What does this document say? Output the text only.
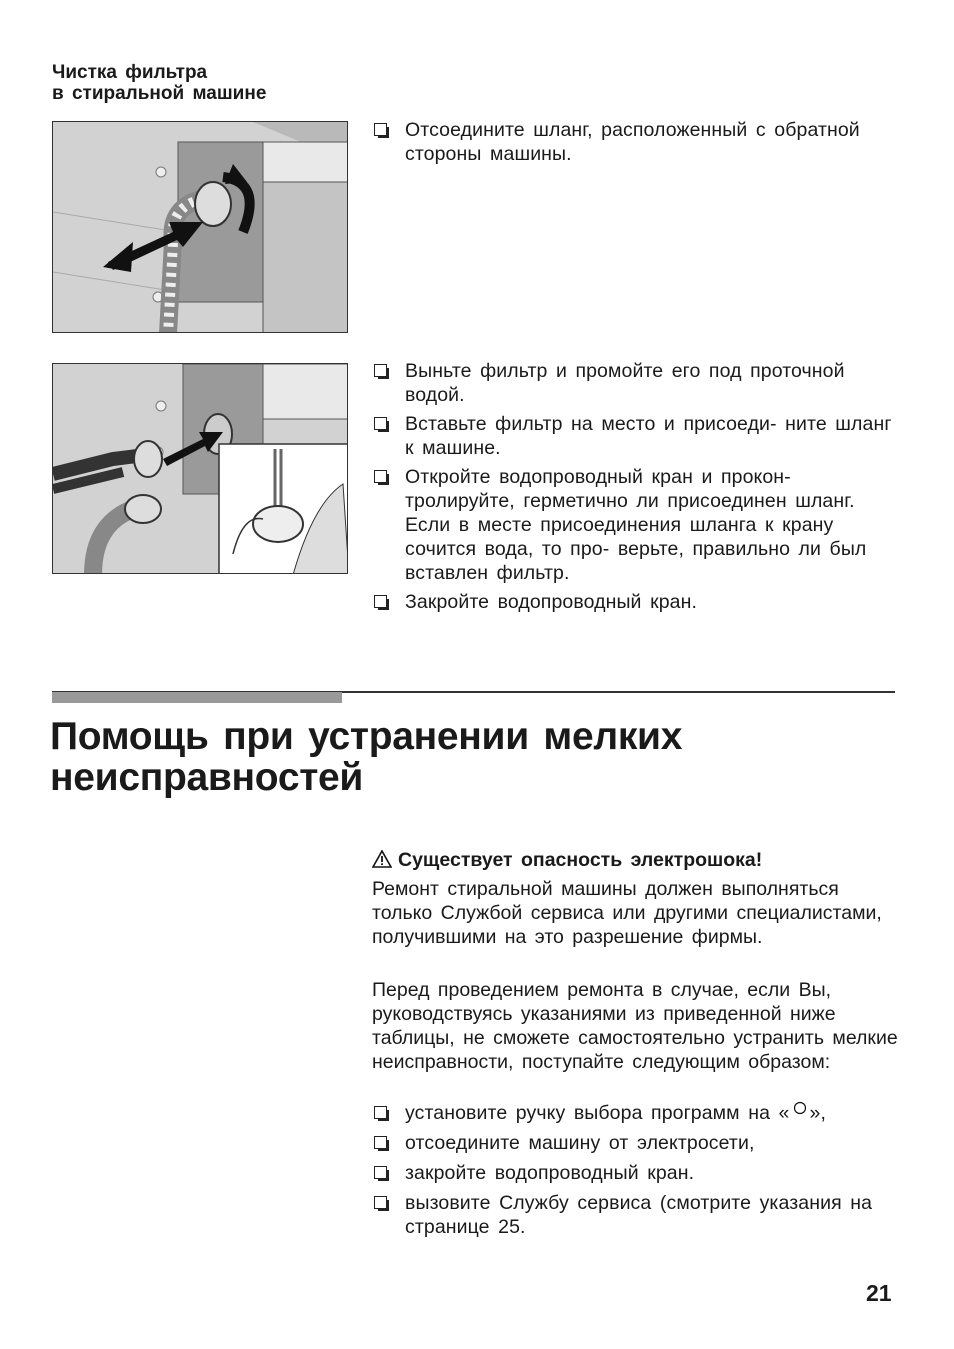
Чистка фильтра
в стиральной машине
Отсоедините шланг, расположенный с обратной стороны машины.
Выньте фильтр и промойте его под проточной водой.
Вставьте фильтр на место и присоеди- ните шланг к машине.
Откройте водопроводный кран и прокон- тролируйте, герметично ли присоединен шланг. Если в месте присоединения шланга к крану сочится вода, то про- верьте, правильно ли был вставлен фильтр.
Закройте водопроводный кран.
Помощь при устранении мелких неисправностей
Существует опасность электрошока!

Ремонт стиральной машины должен выполняться только Службой сервиса или другими специалистами, получившими на это разрешение фирмы.

Перед проведением ремонта в случае, если Вы, руководствуясь указаниями из приведенной ниже таблицы, не сможете самостоятельно устранить мелкие неисправности, поступайте следующим образом:

установите ручку выбора программ на « »,
отсоедините машину от электросети,
закройте водопроводный кран.
вызовите Службу сервиса (смотрите указания на странице 25.
21
